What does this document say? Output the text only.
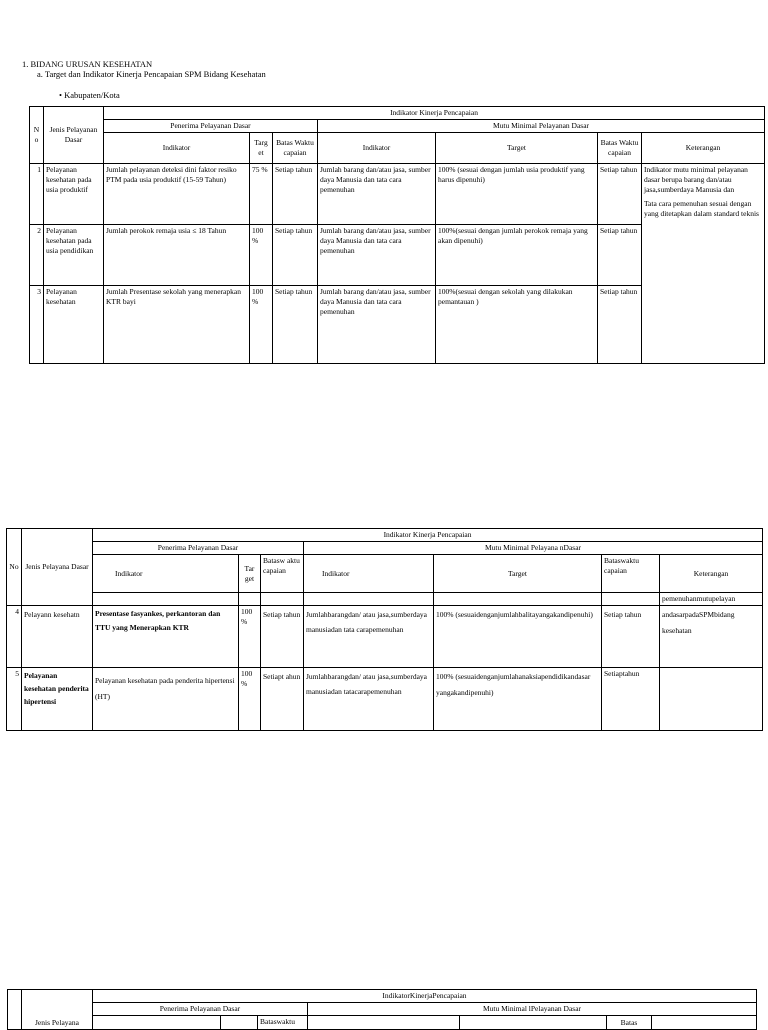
1. BIDANG URUSAN KESEHATAN
a. Target dan Indikator Kinerja Pencapaian SPM Bidang Kesehatan
• Kabupaten/Kota
No	Jenis Pelayanan Dasar	Indikator Kinerja Pencapaian						
		Penerima Pelayanan Dasar			Mutu Minimal Pelayanan Dasar			
		Indikator	Targ et	Batas Waktu capaian	Indikator	Target	Batas Waktu capaian	Keterangan
1	Pelayanan kesehatan pada usia produktif	Jumlah pelayanan deteksi dini faktor resiko PTM pada usia produktif (15-59 Tahun)	75 %	Setiap tahun	Jumlah barang dan/atau jasa, sumber daya Manusia dan tata cara pemenuhan	100% (sesuai dengan jumlah usia produktif yang harus dipenuhi)	Setiap tahun	Indikator mutu minimal pelayanan dasar berupa barang dan/atau jasa,sumberdaya Manusia dan
Tata cara pemenuhan sesuai dengan yang ditetapkan dalam standard teknis

2	Pelayanan kesehatan pada usia pendidikan	Jumlah perokok remaja usia ≤ 18 Tahun	100 %	Setiap tahun	Jumlah barang dan/atau jasa, sumber daya Manusia dan tata cara pemenuhan	100%(sesuai dengan jumlah perokok remaja yang akan dipenuhi)	Setiap tahun	
3	Pelayanan kesehatan	Jumlah Presentase sekolah yang menerapkan KTR bayi	100 %	Setiap tahun	Jumlah barang dan/atau jasa, sumber daya Manusia dan tata cara pemenuhan	100%(sesuai dengan sekolah yang dilakukan pemantauan )	Setiap tahun	
No	Jenis Pelayana Dasar	Indikator Kinerja Pencapaian						
		Penerima Pelayanan Dasar			Mutu Minimal Pelayana nDasar			
		Indikator	Tar get	Batasw aktu capaian	Indikator	Target	Bataswaktu capaian	Keterangan
								pemenuhanmutupelayan
4	Pelayann kesehatn	Presentase fasyankes, perkantoran dan TTU yang Menerapkan KTR	100 %	Setiap tahun	Jumlahbarangdan/ atau jasa,sumberdaya manusiadan tata carapemenuhan	100% (sesuaidenganjumlahbalitayangakandipenuhi)	Setiap tahun	andasarpadaSPMbidang kesehatan
5	Pelayanan kesehatan penderita hipertensi	Pelayanan kesehatan pada penderita hipertensi (HT)	100 %	Setiapt ahun	Jumlahbarangdan/ atau jasa,sumberdaya manusiadan tatacarapemenuhan	100% (sesuaidenganjumlahanaksiapendidikandasar yangakandipenuhi)	Setiaptahun	
	Jenis Pelayana	IndikatorKinerjaPencapaian						
		Penerima Pelayanan Dasar			Mutu Minimal lPelayanan Dasar			
				Bataswaktu			Batas	
